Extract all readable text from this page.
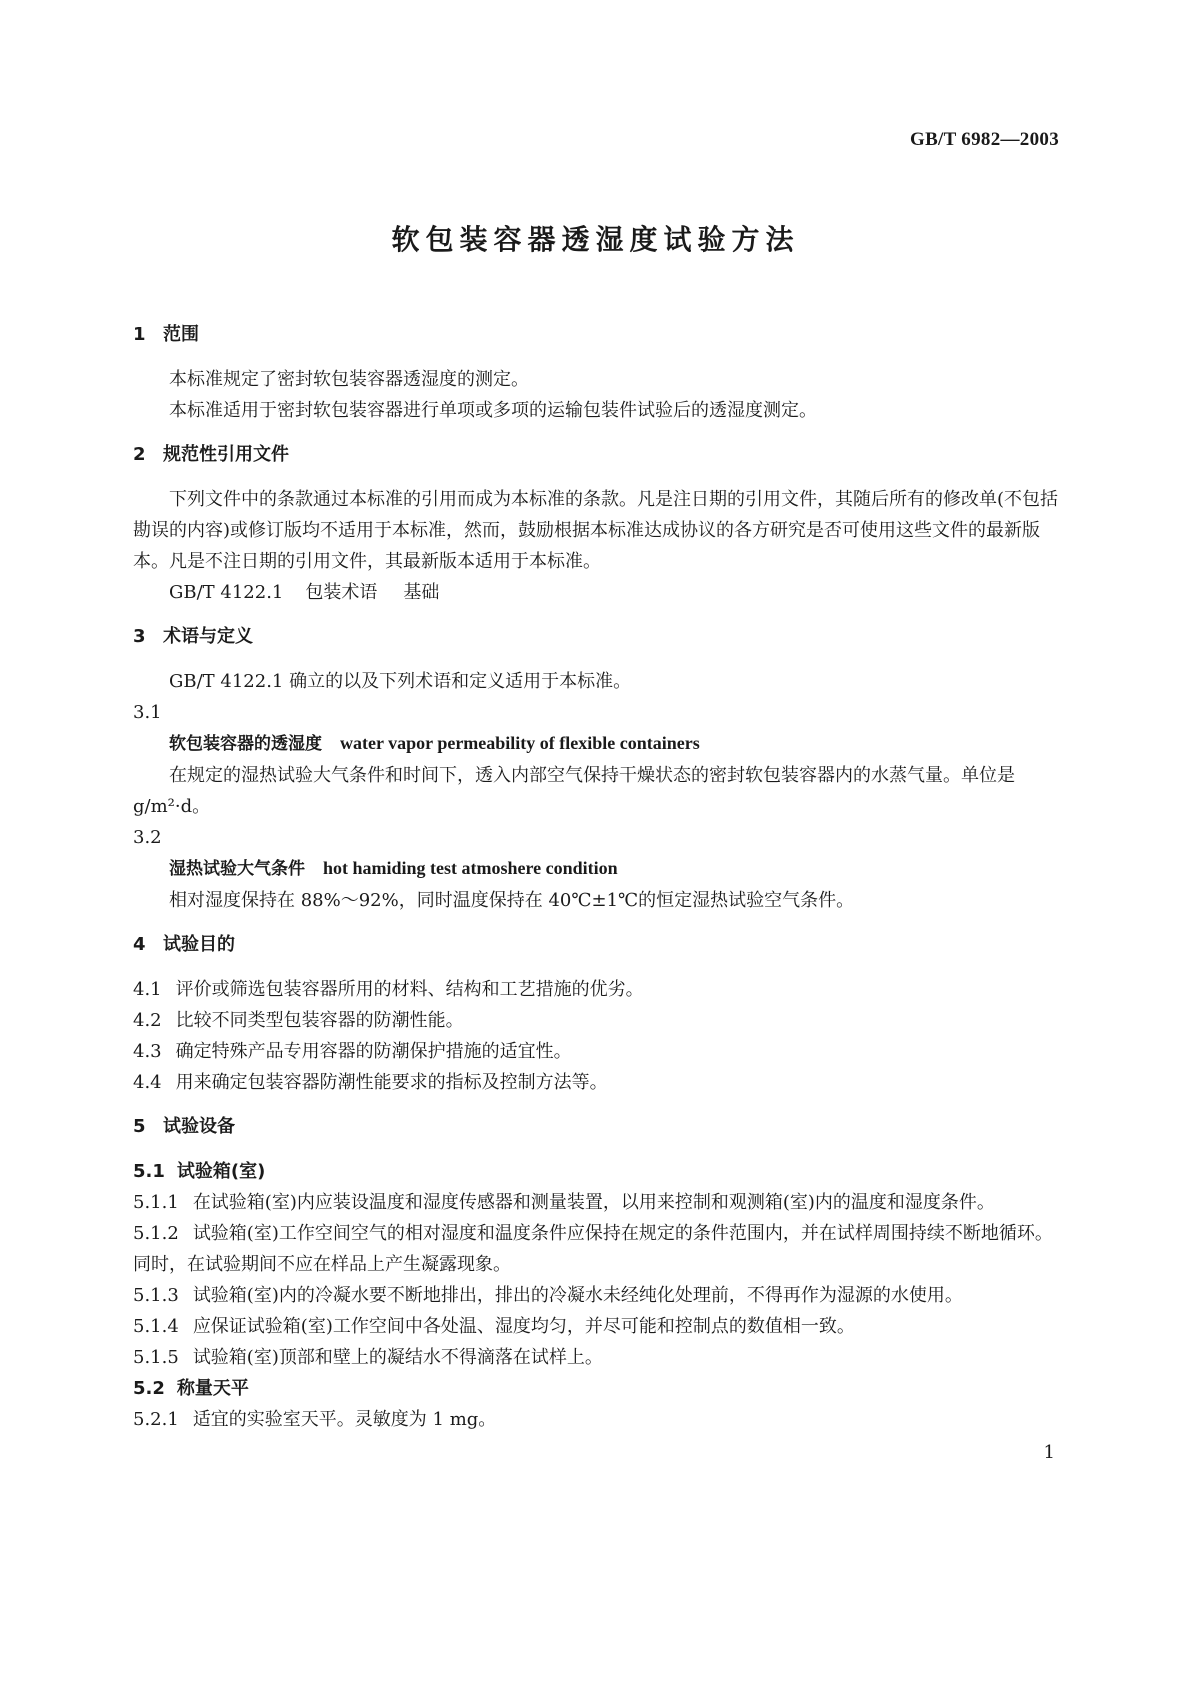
GB/T 6982—2003
软包装容器透湿度试验方法
1 范围

本标准规定了密封软包装容器透湿度的测定。

本标准适用于密封软包装容器进行单项或多项的运输包装件试验后的透湿度测定。

2 规范性引用文件

下列文件中的条款通过本标准的引用而成为本标准的条款。凡是注日期的引用文件，其随后所有的修改单(不包括勘误的内容)或修订版均不适用于本标准，然而，鼓励根据本标准达成协议的各方研究是否可使用这些文件的最新版本。凡是不注日期的引用文件，其最新版本适用于本标准。

GB/T 4122.1 包装术语 基础

3 术语与定义

GB/T 4122.1 确立的以及下列术语和定义适用于本标准。

3.1

软包装容器的透湿度 water vapor permeability of flexible containers

在规定的湿热试验大气条件和时间下，透入内部空气保持干燥状态的密封软包装容器内的水蒸气量。单位是 g/m²·d。

3.2

湿热试验大气条件 hot hamiding test atmoshere condition

相对湿度保持在 88%～92%，同时温度保持在 40℃±1℃的恒定湿热试验空气条件。

4 试验目的

4.1 评价或筛选包装容器所用的材料、结构和工艺措施的优劣。

4.2 比较不同类型包装容器的防潮性能。

4.3 确定特殊产品专用容器的防潮保护措施的适宜性。

4.4 用来确定包装容器防潮性能要求的指标及控制方法等。

5 试验设备

5.1 试验箱(室)

5.1.1 在试验箱(室)内应装设温度和湿度传感器和测量装置，以用来控制和观测箱(室)内的温度和湿度条件。

5.1.2 试验箱(室)工作空间空气的相对湿度和温度条件应保持在规定的条件范围内，并在试样周围持续不断地循环。同时，在试验期间不应在样品上产生凝露现象。

5.1.3 试验箱(室)内的冷凝水要不断地排出，排出的冷凝水未经纯化处理前，不得再作为湿源的水使用。

5.1.4 应保证试验箱(室)工作空间中各处温、湿度均匀，并尽可能和控制点的数值相一致。

5.1.5 试验箱(室)顶部和壁上的凝结水不得滴落在试样上。

5.2 称量天平

5.2.1 适宜的实验室天平。灵敏度为 1 mg。

1
